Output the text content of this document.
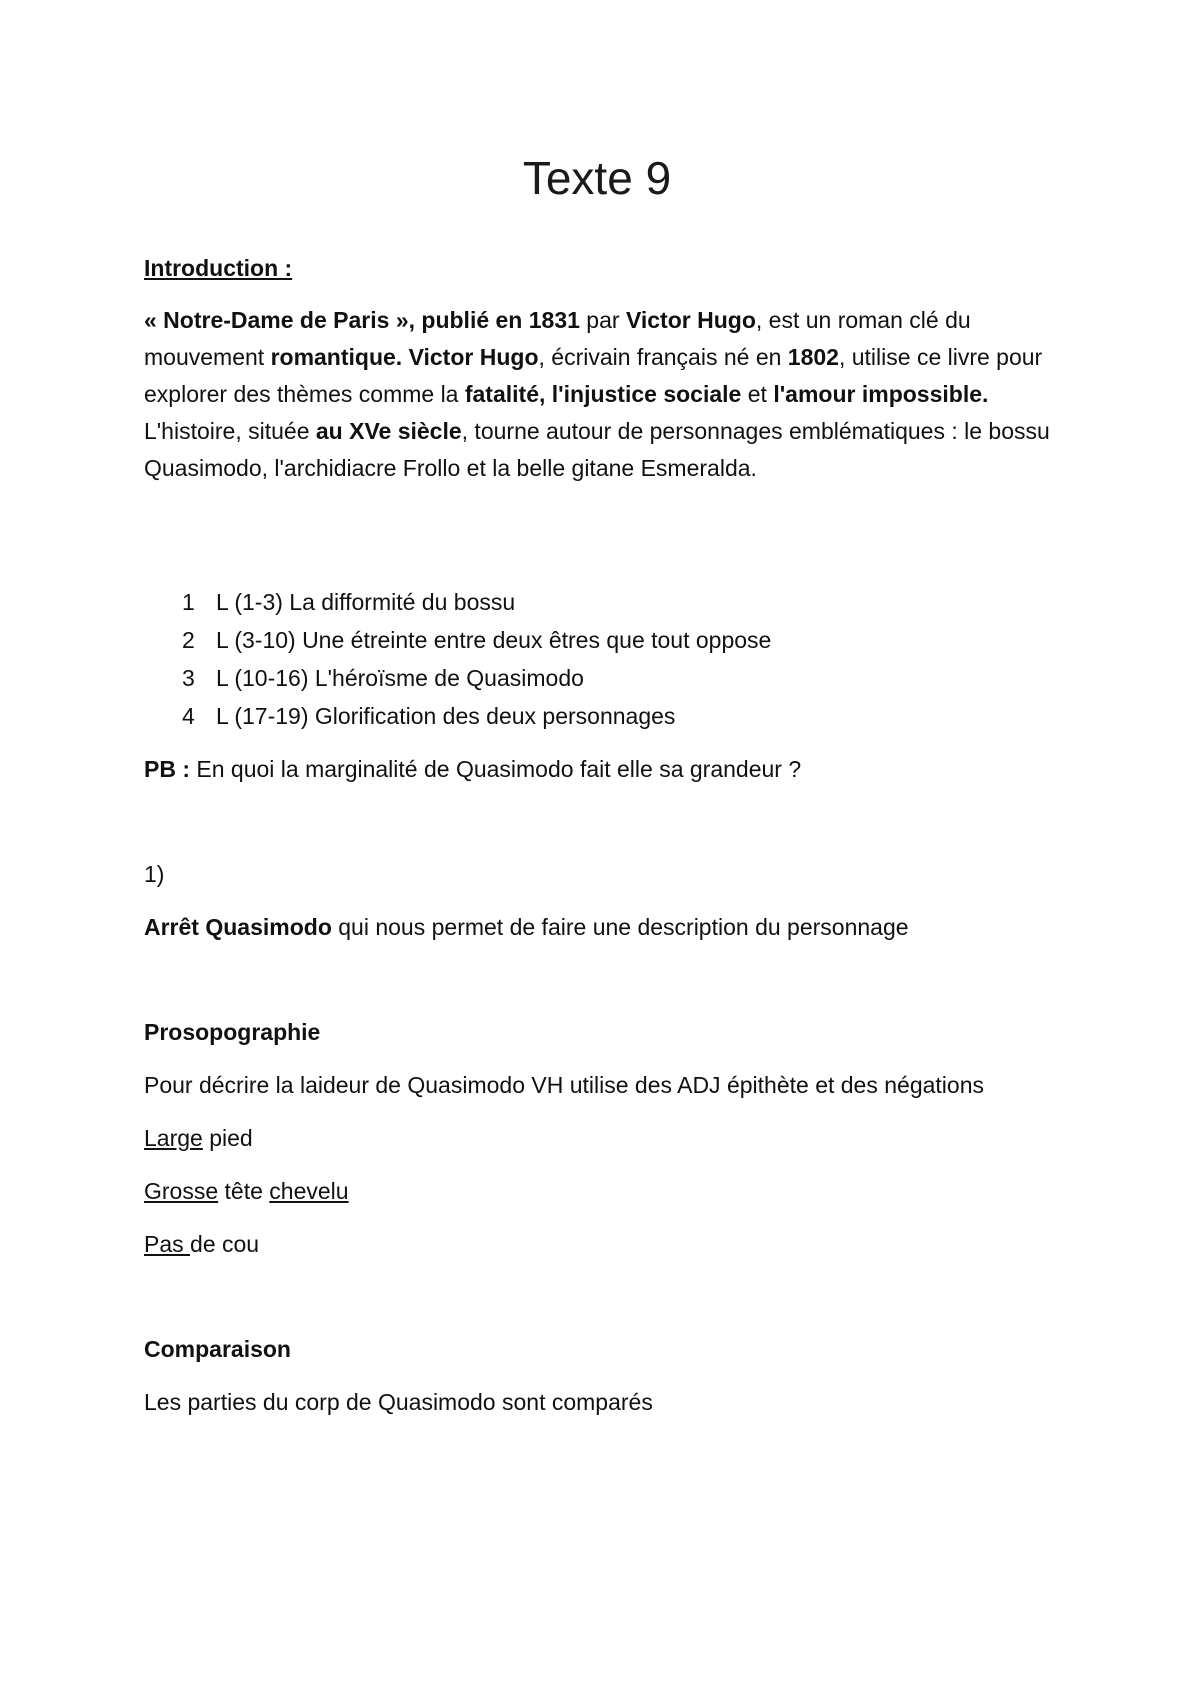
Texte 9

Introduction :

« Notre-Dame de Paris », publié en 1831 par Victor Hugo, est un roman clé du mouvement romantique. Victor Hugo, écrivain français né en 1802, utilise ce livre pour explorer des thèmes comme la fatalité, l'injustice sociale et l'amour impossible. L'histoire, située au XVe siècle, tourne autour de personnages emblématiques : le bossu Quasimodo, l'archidiacre Frollo et la belle gitane Esmeralda.

1 L (1-3) La difformité du bossu
2 L (3-10) Une étreinte entre deux êtres que tout oppose
3 L (10-16) L'héroïsme de Quasimodo
4 L (17-19) Glorification des deux personnages

PB : En quoi la marginalité de Quasimodo fait elle sa grandeur ?

1)

Arrêt Quasimodo qui nous permet de faire une description du personnage

Prosopographie

Pour décrire la laideur de Quasimodo VH utilise des ADJ épithète et des négations

Large pied

Grosse tête chevelu

Pas de cou

Comparaison

Les parties du corp de Quasimodo sont comparés
